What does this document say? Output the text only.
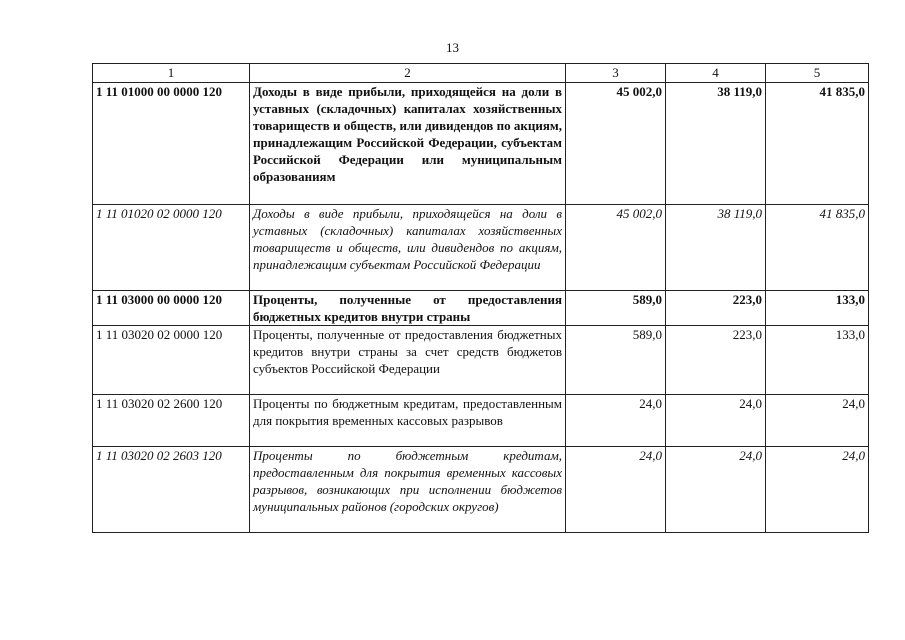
13
1	2	3	4	5
1 11 01000 00 0000 120	Доходы в виде прибыли, приходящейся на доли в уставных (складочных) капиталах хозяйственных товариществ и обществ, или дивидендов по акциям, принадлежащим Российской Федерации, субъектам Российской Федерации или муниципальным образованиям	45 002,0	38 119,0	41 835,0
1 11 01020 02 0000 120	Доходы в виде прибыли, приходящейся на доли в уставных (складочных) капиталах хозяйственных товариществ и обществ, или дивидендов по акциям, принадлежащим субъектам Российской Федерации	45 002,0	38 119,0	41 835,0
1 11 03000 00 0000 120	Проценты, полученные от предоставления бюджетных кредитов внутри страны	589,0	223,0	133,0
1 11 03020 02 0000 120	Проценты, полученные от предоставления бюджетных кредитов внутри страны за счет средств бюджетов субъектов Российской Федерации	589,0	223,0	133,0
1 11 03020 02 2600 120	Проценты по бюджетным кредитам, предоставленным для покрытия временных кассовых разрывов	24,0	24,0	24,0
1 11 03020 02 2603 120	Проценты по бюджетным кредитам, предоставленным для покрытия временных кассовых разрывов, возникающих при исполнении бюджетов муниципальных районов (городских округов)	24,0	24,0	24,0
